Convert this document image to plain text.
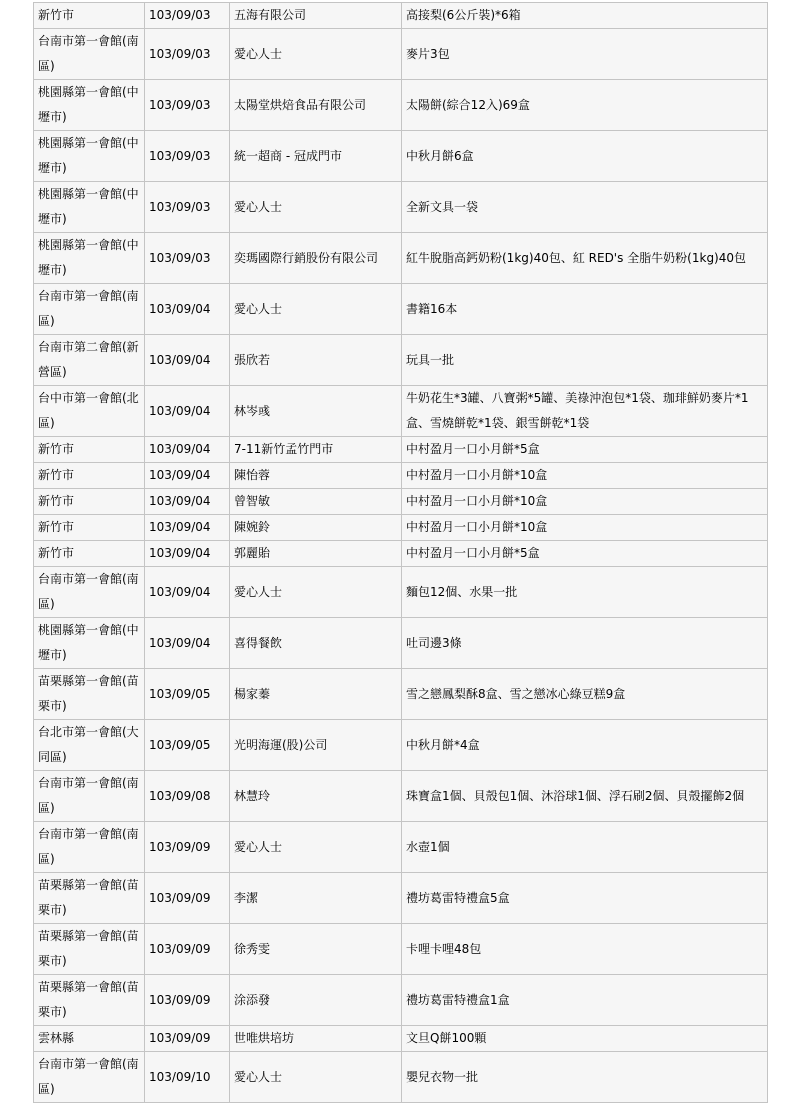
新竹市	103/09/03	五海有限公司	高接梨(6公斤裝)*6箱
台南市第一會館(南區)	103/09/03	愛心人士	麥片3包
桃園縣第一會館(中壢市)	103/09/03	太陽堂烘焙食品有限公司	太陽餅(綜合12入)69盒
桃園縣第一會館(中壢市)	103/09/03	統一超商 - 冠成門市	中秋月餅6盒
桃園縣第一會館(中壢市)	103/09/03	愛心人士	全新文具一袋
桃園縣第一會館(中壢市)	103/09/03	奕瑪國際行銷股份有限公司	紅牛脫脂高鈣奶粉(1kg)40包、紅 RED's 全脂牛奶粉(1kg)40包
台南市第一會館(南區)	103/09/04	愛心人士	書籍16本
台南市第二會館(新營區)	103/09/04	張欣若	玩具一批
台中市第一會館(北區)	103/09/04	林岑彧	牛奶花生*3罐、八寶粥*5罐、美祿沖泡包*1袋、珈琲鮮奶麥片*1盒、雪燒餅乾*1袋、銀雪餅乾*1袋
新竹市	103/09/04	7-11新竹孟竹門市	中村盈月一口小月餅*5盒
新竹市	103/09/04	陳怡蓉	中村盈月一口小月餅*10盒
新竹市	103/09/04	曾智敏	中村盈月一口小月餅*10盒
新竹市	103/09/04	陳婉鈴	中村盈月一口小月餅*10盒
新竹市	103/09/04	郭麗貽	中村盈月一口小月餅*5盒
台南市第一會館(南區)	103/09/04	愛心人士	麵包12個、水果一批
桃園縣第一會館(中壢市)	103/09/04	喜得餐飲	吐司邊3條
苗栗縣第一會館(苗栗市)	103/09/05	楊家蓁	雪之戀鳳梨酥8盒、雪之戀冰心綠豆糕9盒
台北市第一會館(大同區)	103/09/05	光明海運(股)公司	中秋月餅*4盒
台南市第一會館(南區)	103/09/08	林慧玲	珠寶盒1個、貝殼包1個、沐浴球1個、浮石刷2個、貝殼擺飾2個
台南市第一會館(南區)	103/09/09	愛心人士	水壺1個
苗栗縣第一會館(苗栗市)	103/09/09	李潔	禮坊葛雷特禮盒5盒
苗栗縣第一會館(苗栗市)	103/09/09	徐秀雯	卡哩卡哩48包
苗栗縣第一會館(苗栗市)	103/09/09	涂添發	禮坊葛雷特禮盒1盒
雲林縣	103/09/09	世唯烘培坊	文旦Q餅100顆
台南市第一會館(南區)	103/09/10	愛心人士	嬰兒衣物一批
